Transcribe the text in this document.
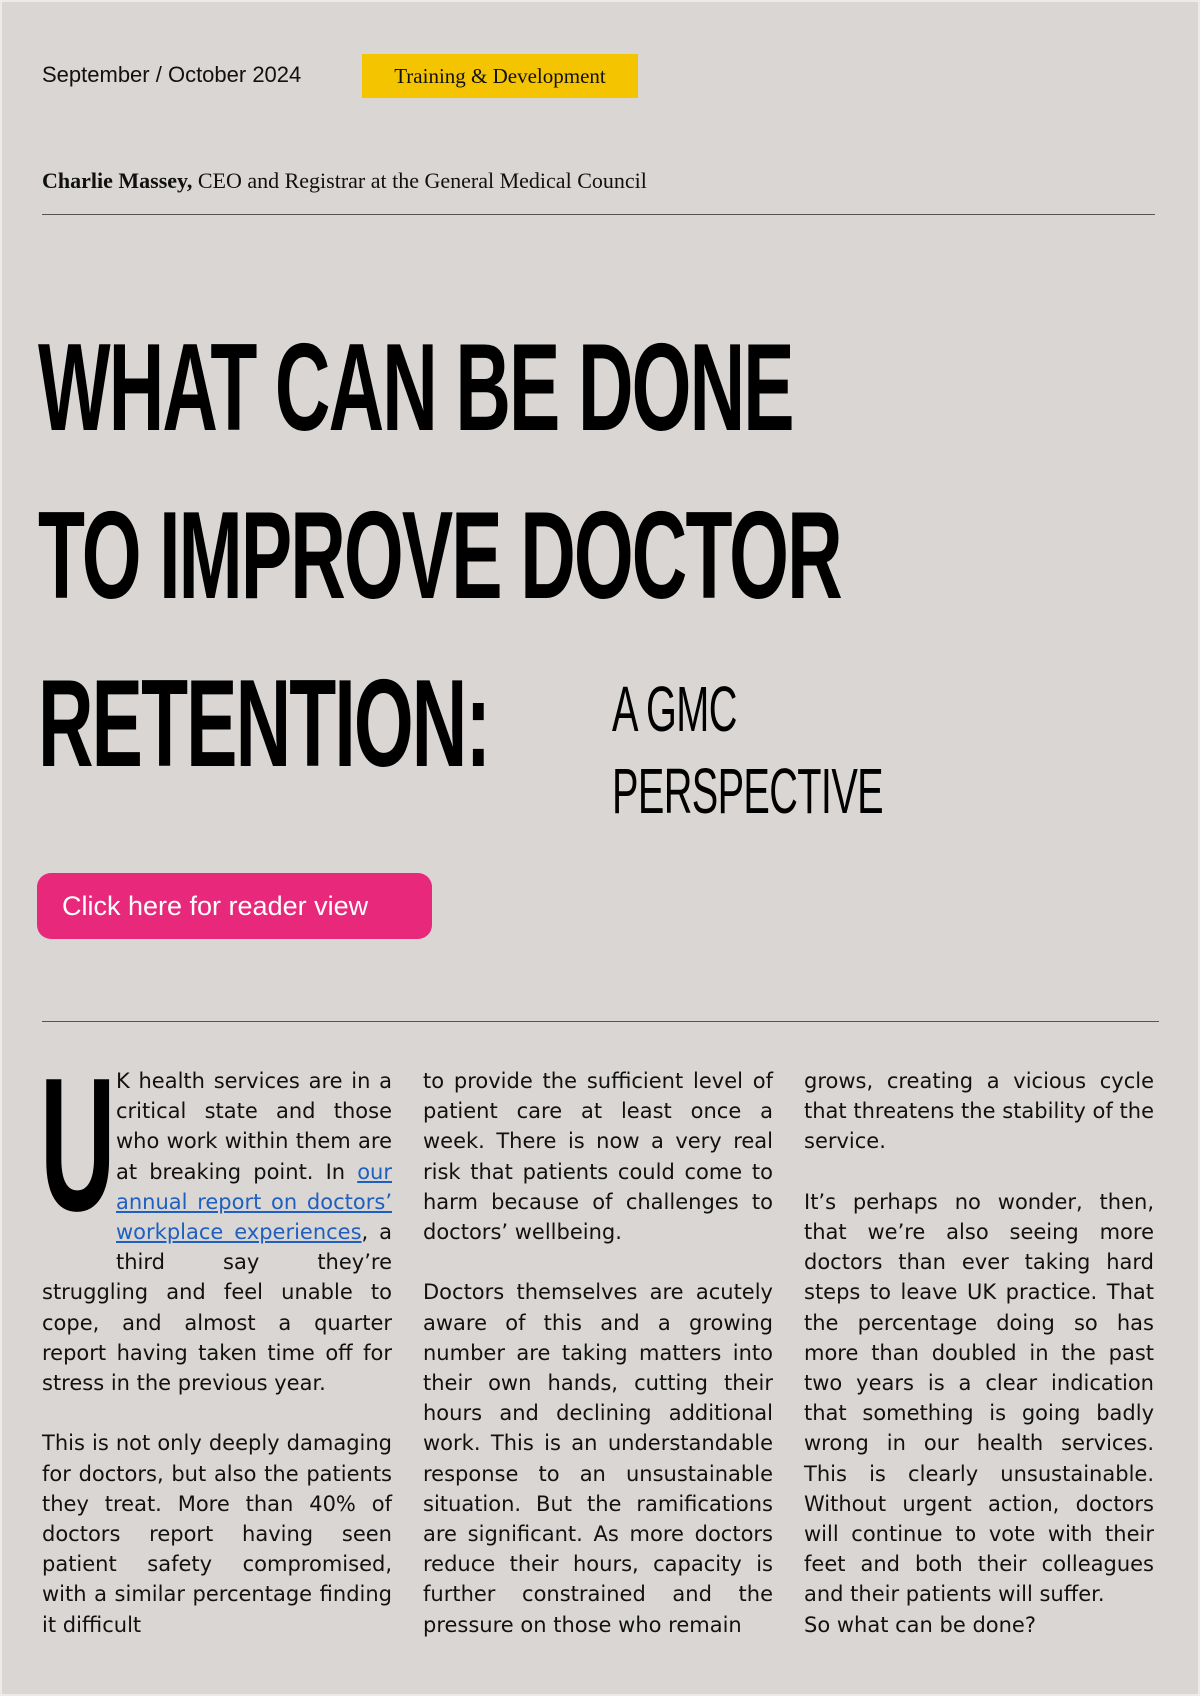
September / October 2024	Training & Development
Charlie Massey, CEO and Registrar at the General Medical Council
WHAT CAN BE DONE
TO IMPROVE DOCTOR
RETENTION:	A GMC
PERSPECTIVE
Click here for reader view

U K health services are in a critical state and those who work within them are at breaking point. In our annual report on doctors’ workplace experiences, a third say they’re struggling and feel unable to cope, and almost a quarter report having taken time off for stress in the previous year.

This is not only deeply damaging for doctors, but also the patients they treat. More than 40% of doctors report having seen patient safety compromised, with a similar percentage finding it difficult

to provide the sufficient level of patient care at least once a week. There is now a very real risk that patients could come to harm because of challenges to doctors’ wellbeing.

Doctors themselves are acutely aware of this and a growing number are taking matters into their own hands, cutting their hours and declining additional work. This is an understandable response to an unsustainable situation. But the ramifications are significant. As more doctors reduce their hours, capacity is further constrained and the pressure on those who remain

grows, creating a vicious cycle that threatens the stability of the service.

It’s perhaps no wonder, then, that we’re also seeing more doctors than ever taking hard steps to leave UK practice. That the percentage doing so has more than doubled in the past two years is a clear indication that something is going badly wrong in our health services. This is clearly unsustainable. Without urgent action, doctors will continue to vote with their feet and both their colleagues and their patients will suffer.

So what can be done?
